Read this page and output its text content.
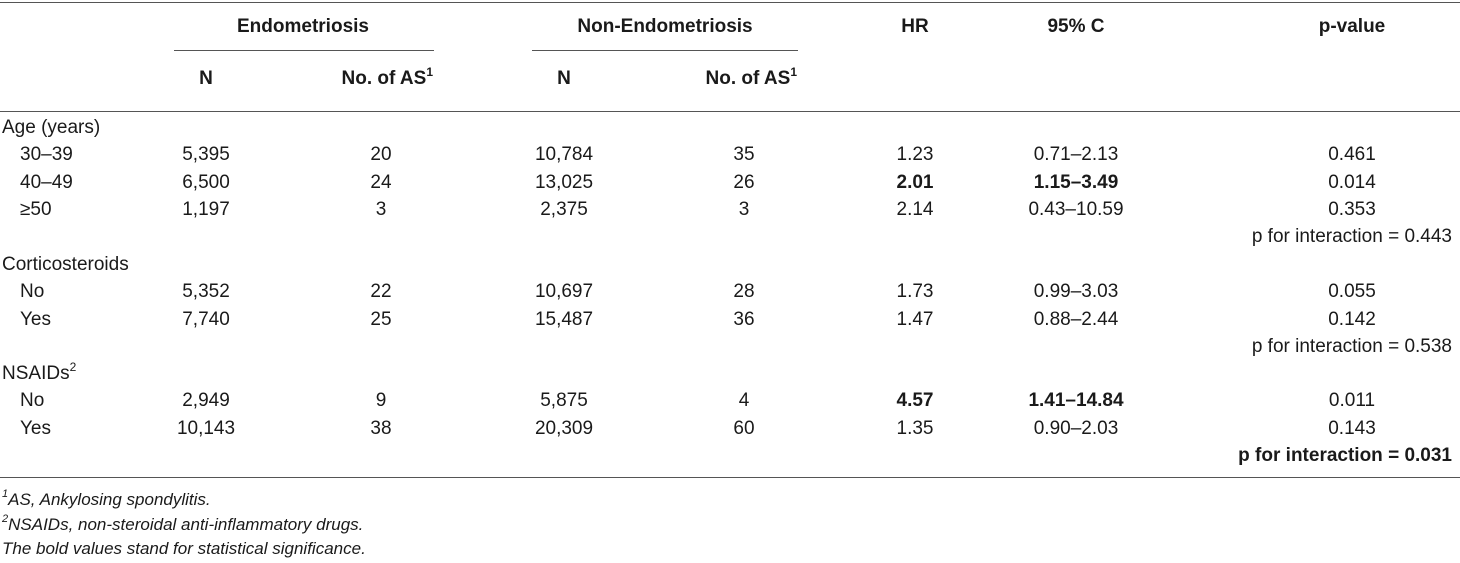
Endometriosis	Non-Endometriosis	HR	95% C	p-value
N	No. of $AS^1$	N	No. of $AS^1$
Age (years)
30–39	5,395	20	10,784	35	1.23	0.71–2.13	0.461
40–49	6,500	24	13,025	26	2.01	1.15–3.49	0.014
≥50	1,197	3	2,375	3	2.14	0.43–10.59	0.353
p for interaction = 0.443
Corticosteroids
No	5,352	22	10,697	28	1.73	0.99–3.03	0.055
Yes	7,740	25	15,487	36	1.47	0.88–2.44	0.142
p for interaction = 0.538
NSAIDs$^2$
No	2,949	9	5,875	4	4.57	1.41–14.84	0.011
Yes	10,143	38	20,309	60	1.35	0.90–2.03	0.143
p for interaction = 0.031
$^1$AS, Ankylosing spondylitis.
$^2$NSAIDs, non-steroidal anti-inflammatory drugs.
The bold values stand for statistical significance.
